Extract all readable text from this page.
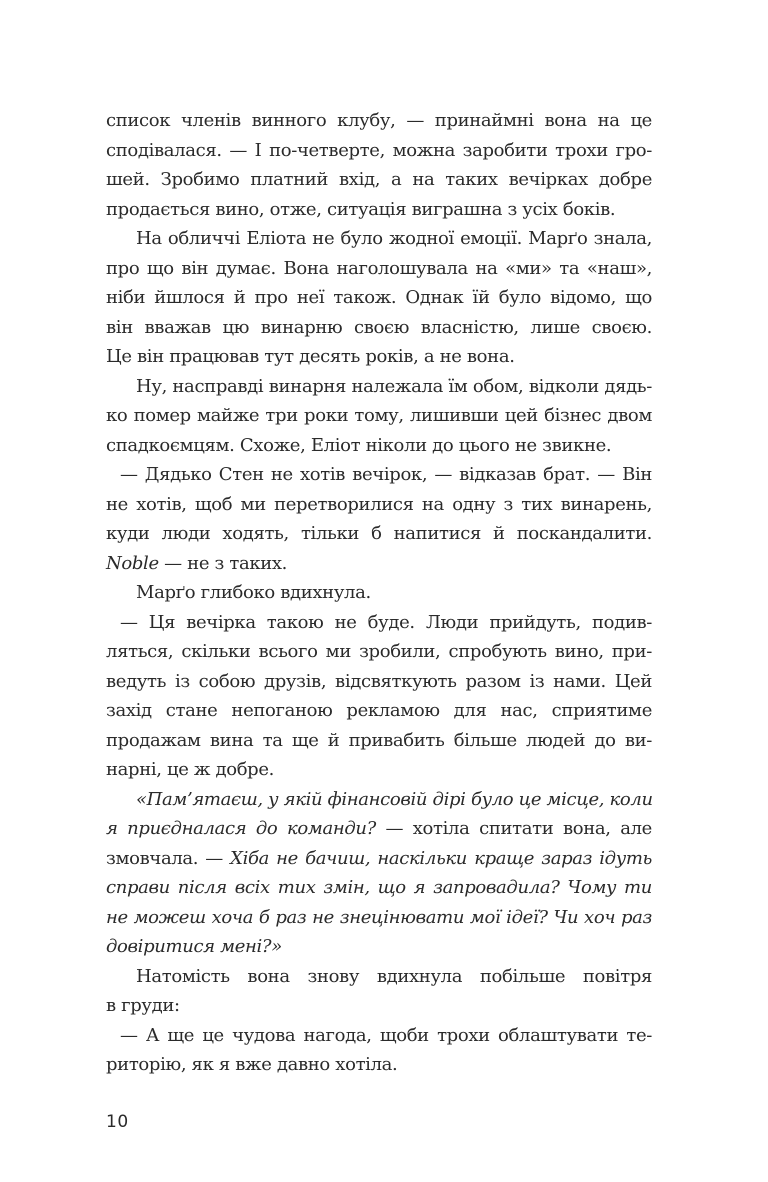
список членів винного клубу, — принаймні вона на це
сподівалася. — І по-четверте, можна заробити трохи гро-
шей. Зробимо платний вхід, а на таких вечірках добре
продається вино, отже, ситуація виграшна з усіх боків.
На обличчі Еліота не було жодної емоції. Марґо знала,
про що він думає. Вона наголошувала на «ми» та «наш»,
ніби йшлося й про неї також. Однак їй було відомо, що
він вважав цю винарню своєю власністю, лише своєю.
Це він працював тут десять років, а не вона.
Ну, насправді винарня належала їм обом, відколи дядь-
ко помер майже три роки тому, лишивши цей бізнес двом
спадкоємцям. Схоже, Еліот ніколи до цього не звикне.
— Дядько Стен не хотів вечірок, — відказав брат. — Він
не хотів, щоб ми перетворилися на одну з тих винарень,
куди люди ходять, тільки б напитися й поскандалити.
Noble — не з таких.
Марґо глибоко вдихнула.
— Ця вечірка такою не буде. Люди прийдуть, подив-
ляться, скільки всього ми зробили, спробують вино, при-
ведуть із собою друзів, відсвяткують разом із нами. Цей
захід стане непоганою рекламою для нас, сприятиме
продажам вина та ще й привабить більше людей до ви-
нарні, це ж добре.
«Пам’ятаєш, у якій фінансовій дірі було це місце, коли
я приєдналася до команди? — хотіла спитати вона, але
змовчала. — Хіба не бачиш, наскільки краще зараз ідуть
справи після всіх тих змін, що я запровадила? Чому ти
не можеш хоча б раз не знецінювати мої ідеї? Чи хоч раз
довіритися мені?»
Натомість вона знову вдихнула побільше повітря
в груди:
— А ще це чудова нагода, щоби трохи облаштувати те-
риторію, як я вже давно хотіла.
10
